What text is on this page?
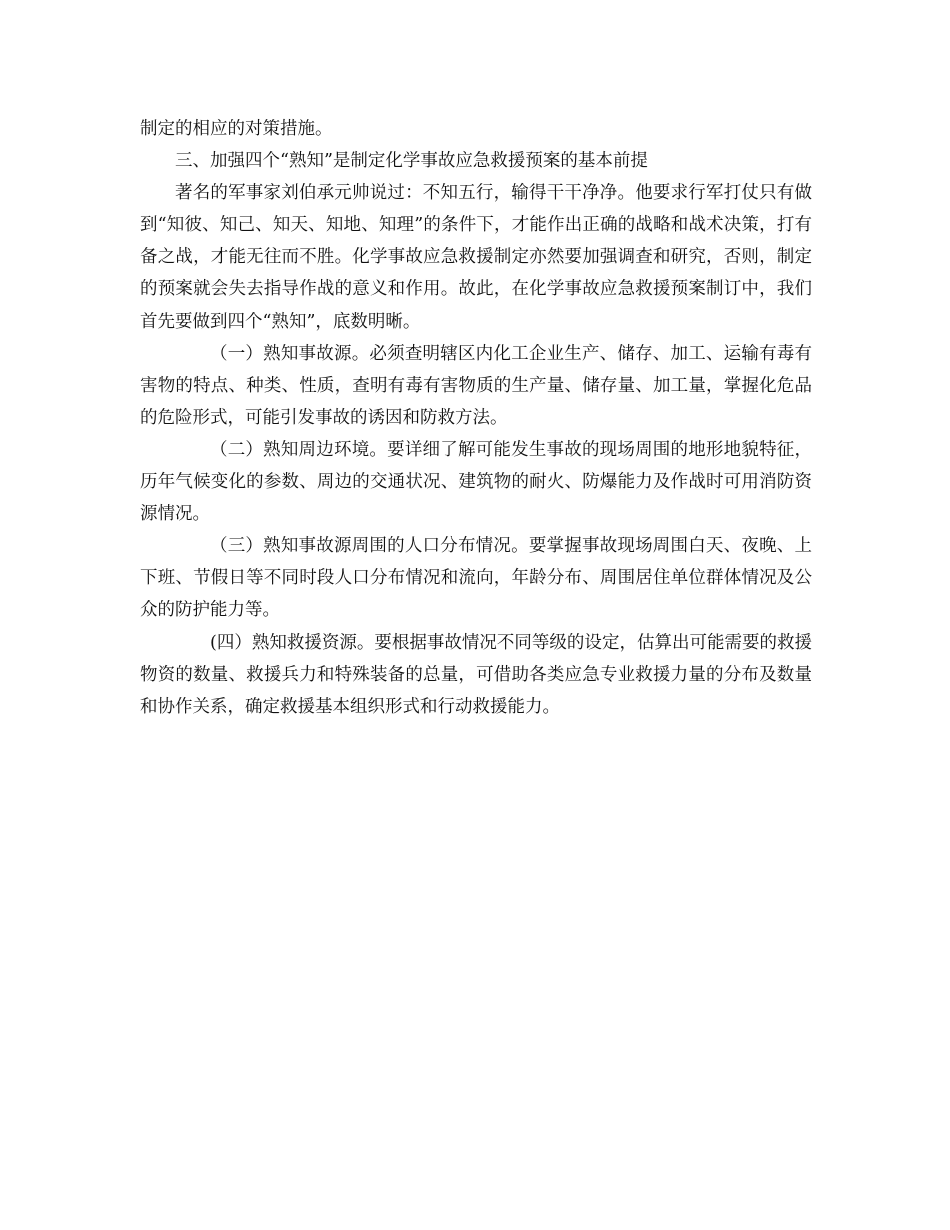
制定的相应的对策措施。

三、加强四个“熟知”是制定化学事故应急救援预案的基本前提

著名的军事家刘伯承元帅说过：不知五行，输得干干净净。他要求行军打仗只有做到“知彼、知己、知天、知地、知理”的条件下，才能作出正确的战略和战术决策，打有备之战，才能无往而不胜。化学事故应急救援制定亦然要加强调查和研究，否则，制定的预案就会失去指导作战的意义和作用。故此，在化学事故应急救援预案制订中，我们首先要做到四个“熟知”，底数明晰。

（一）熟知事故源。必须查明辖区内化工企业生产、储存、加工、运输有毒有害物的特点、种类、性质，查明有毒有害物质的生产量、储存量、加工量，掌握化危品的危险形式，可能引发事故的诱因和防救方法。

（二）熟知周边环境。要详细了解可能发生事故的现场周围的地形地貌特征，历年气候变化的参数、周边的交通状况、建筑物的耐火、防爆能力及作战时可用消防资源情况。

（三）熟知事故源周围的人口分布情况。要掌握事故现场周围白天、夜晚、上下班、节假日等不同时段人口分布情况和流向，年龄分布、周围居住单位群体情况及公众的防护能力等。

(四）熟知救援资源。要根据事故情况不同等级的设定，估算出可能需要的救援物资的数量、救援兵力和特殊装备的总量，可借助各类应急专业救援力量的分布及数量和协作关系，确定救援基本组织形式和行动救援能力。
